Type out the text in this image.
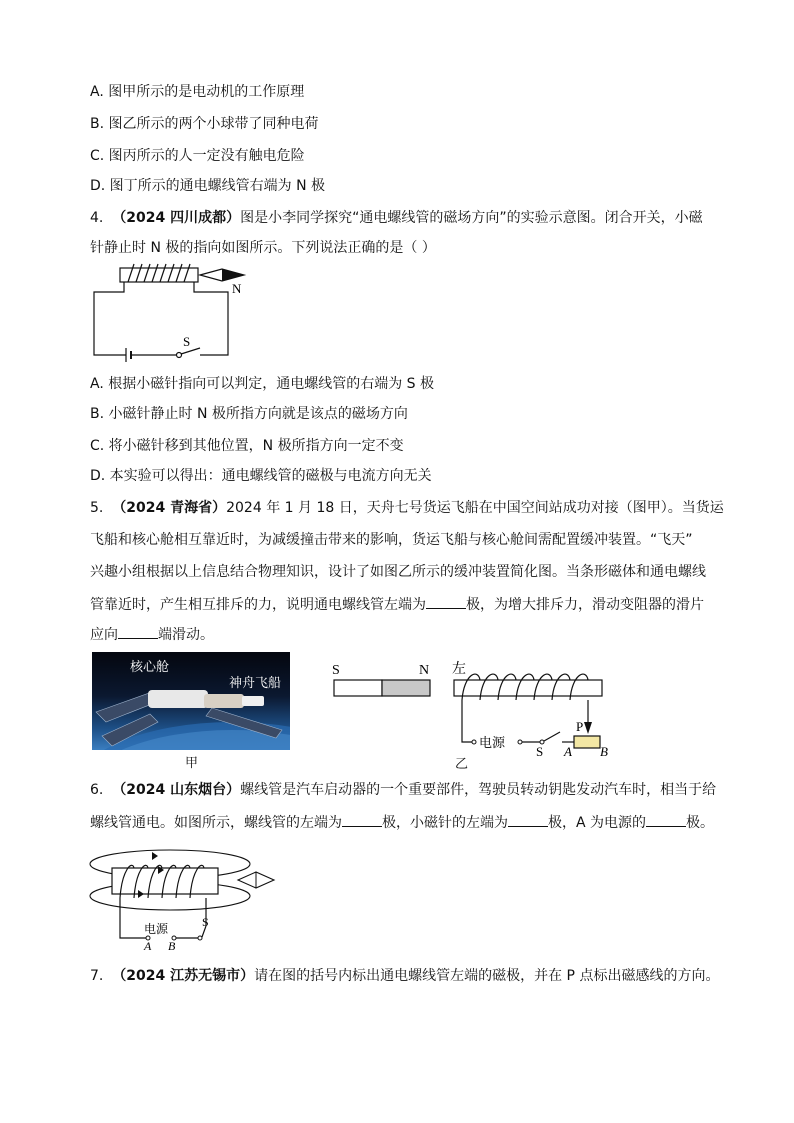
A. 图甲所示的是电动机的工作原理
B. 图乙所示的两个小球带了同种电荷
C. 图丙所示的人一定没有触电危险
D. 图丁所示的通电螺线管右端为 N 极
4. （2024 四川成都）图是小李同学探究“通电螺线管的磁场方向”的实验示意图。闭合开关，小磁
针静止时 N 极的指向如图所示。下列说法正确的是（ ）
N
S
A. 根据小磁针指向可以判定，通电螺线管的右端为 S 极
B. 小磁针静止时 N 极所指方向就是该点的磁场方向
C. 将小磁针移到其他位置，N 极所指方向一定不变
D. 本实验可以得出：通电螺线管的磁极与电流方向无关
5. （2024 青海省）2024 年 1 月 18 日，天舟七号货运飞船在中国空间站成功对接（图甲）。当货运
飞船和核心舱相互靠近时，为减缓撞击带来的影响，货运飞船与核心舱间需配置缓冲装置。“飞天”
兴趣小组根据以上信息结合物理知识，设计了如图乙所示的缓冲装置简化图。当条形磁体和通电螺线
管靠近时，产生相互排斥的力，说明通电螺线管左端为	极，为增大排斥力，滑动变阻器的滑片
应向	端滑动。
核心舱
神舟飞船
甲
S	N 左
电源
S
P
A B
乙
6. （2024 山东烟台）螺线管是汽车启动器的一个重要部件，驾驶员转动钥匙发动汽车时，相当于给
螺线管通电。如图所示，螺线管的左端为	极，小磁针的左端为	极，A 为电源的	极。
电源	S
A B
7. （2024 江苏无锡市）请在图的括号内标出通电螺线管左端的磁极，并在 P 点标出磁感线的方向。
